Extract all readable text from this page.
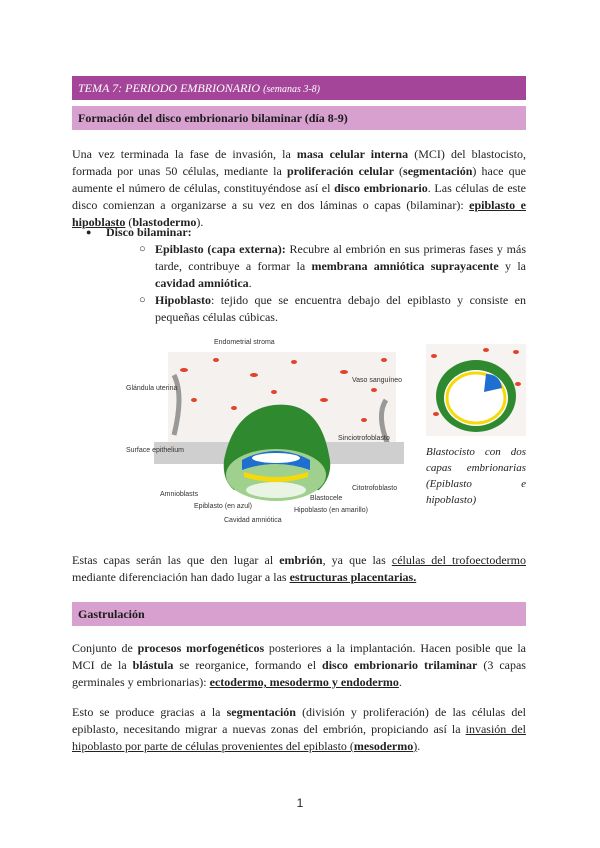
TEMA 7: PERIODO EMBRIONARIO (semanas 3-8)
Formación del disco embrionario bilaminar (día 8-9)

Una vez terminada la fase de invasión, la masa celular interna (MCI) del blastocisto, formada por unas 50 células, mediante la proliferación celular (segmentación) hace que aumente el número de células, constituyéndose así el disco embrionario. Las células de este disco comienzan a organizarse a su vez en dos láminas o capas (bilaminar): epiblasto e hipoblasto (blastodermo).

● Disco bilaminar:
○ Epiblasto (capa externa): Recubre al embrión en sus primeras fases y más tarde, contribuye a formar la membrana amniótica suprayacente y la cavidad amniótica.
○ Hipoblasto: tejido que se encuentra debajo del epiblasto y consiste en pequeñas células cúbicas.
Endometrial stroma
Glándula uterina
Vaso sanguíneo
Sinciotrofoblasto
Surface epithelium
Amnioblasts
Epiblasto (en azul)
Cavidad amniótica
Blastocele
Hipoblasto (en amarillo)
Citotrofoblasto
Blastocisto con dos capas embrionarias (Epiblasto e hipoblasto)

Estas capas serán las que den lugar al embrión, ya que las células del trofoectodermo mediante diferenciación han dado lugar a las estructuras placentarias.

Gastrulación

Conjunto de procesos morfogenéticos posteriores a la implantación. Hacen posible que la MCI de la blástula se reorganice, formando el disco embrionario trilaminar (3 capas germinales y embrionarias): ectodermo, mesodermo y endodermo.

Esto se produce gracias a la segmentación (división y proliferación) de las células del epiblasto, necesitando migrar a nuevas zonas del embrión, propiciando así la invasión del hipoblasto por parte de células provenientes del epiblasto (mesodermo).

1
